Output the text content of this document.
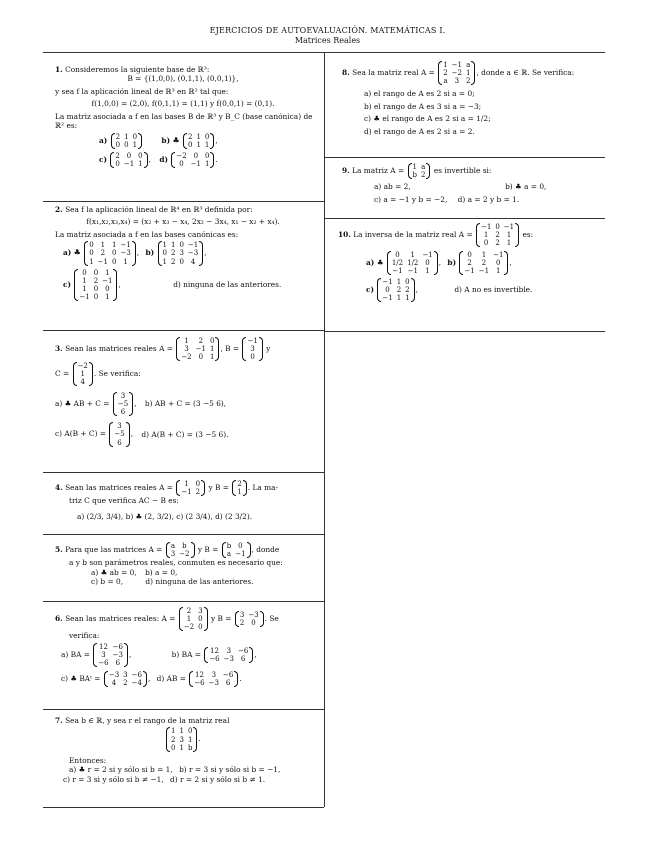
EJERCICIOS DE AUTOEVALUACIÓN. MATEMÁTICAS I.
Matrices Reales

1. Consideremos la siguiente base de ℝ³:

B = {(1,0,0), (0,1,1), (0,0,1)},

y sea f la aplicación lineal de ℝ³ en ℝ² tal que:

f(1,0,0) = (2,0), f(0,1,1) = (1,1) y f(0,0,1) = (0,1).

La matriz asociada a f en las bases B de ℝ³ y B_C (base canónica) de ℝ² es:

a) 2	1	0
0	0	1	b) ♣ 2	1	0
0	1	1 ,
c) 2	0	0
0	−1	1 , d) −2	0	0
0	−1	1 .

2. Sea f la aplicación lineal de ℝ⁴ en ℝ³ definida por:

f(x₁,x₂,x₃,x₄) = (x₂ + x₃ − x₄, 2x₂ − 3x₄, x₁ − x₂ + x₄).

La matriz asociada a f en las bases canónicas es:

a) ♣
0	1	1	−1
0	2	0	−3
1	−1	0	1
, b)
1	1	0	−1
0	2	3	−3
1	2	0	4
,
c)
0	0	1
1	2	−1
1	0	0
−1	0	1
,	d) ninguna de las anteriores.
3. Sean las matrices reales A =
1	2	0
3	−1	1
−2	0	1
, B =
−1
3
0
y
C =
−2
1
4
. Se verifica:
a) ♣ AB + C =
3
−5
6
, b) AB + C = (3 −5 6),
c) A(B + C) =
3
−5
6
, d) A(B + C) = (3 −5 6).
4. Sean las matrices reales A = 1	0
−1	2 y B = 2
1 . La ma-

triz C que verifica AC − B es:

a) (2/3, 3/4), b) ♣ (2, 3/2), c) (2 3/4), d) (2 3/2).

5. Para que las matrices A = a	b
3	−2 y B = b	0
a	−1 , donde

a y b son parámetros reales, conmuten es necesario que:

a) ♣ ab = 0, b) a = 0,

c) b = 0,	d) ninguna de las anteriores.

6. Sean las matrices reales: A =
2	3
1	0
−2	0
y B = 3	−3
2	0 . Se

verifica:

a) BA =
12	−6
3	−3
−6	6
,	b) BA = 12	3	−6
−6	−3	6 ,
c) ♣ BAᵗ = −3	3	−6
4	2	−4 , d) AB = 12	3	−6
−6	−3	6 .

7. Sea b ∈ ℝ, y sea r el rango de la matriz real

1	1	0
2	3	1
0	1	b
.

Entonces:

a) ♣ r = 2 si y sólo si b = 1, b) r = 3 si y sólo si b = −1,

c) r = 3 si y sólo si b ≠ −1, d) r = 2 si y sólo si b ≠ 1.

8. Sea la matriz real A =
1	−1	a
2	−2	1
a	3	2
, donde a ∈ ℝ. Se verifica:

a) el rango de A es 2 si a = 0;

b) el rango de A es 3 si a = −3;

c) ♣ el rango de A es 2 si a = 1/2;

d) el rango de A es 2 si a = 2.

9. La matriz A = 1	a
b	2 es invertible si:

a) ab = 2,	b) ♣ a = 0,

c) a = −1 y b = −2, d) a = 2 y b = 1.

10. La inversa de la matriz real A =
−1	0	−1
1	2	1
0	2	1
es:
a) ♣
0	1	−1
1/2	1/2	0
−1	−1	1
, b)
0	1	−1
2	2	0
−1	−1	1
,
c)
−1	1	0
0	2	2
−1	1	1
,	d) A no es invertible.
